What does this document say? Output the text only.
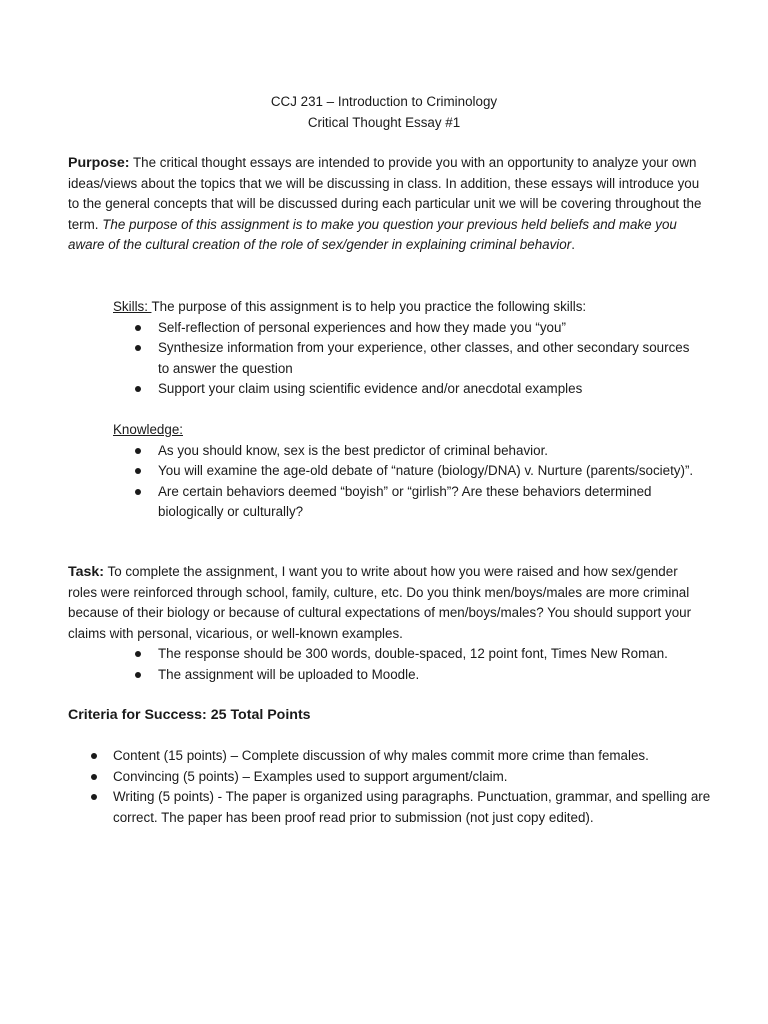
CCJ 231 – Introduction to Criminology
Critical Thought Essay #1
Purpose: The critical thought essays are intended to provide you with an opportunity to analyze your own ideas/views about the topics that we will be discussing in class. In addition, these essays will introduce you to the general concepts that will be discussed during each particular unit we will be covering throughout the term. The purpose of this assignment is to make you question your previous held beliefs and make you aware of the cultural creation of the role of sex/gender in explaining criminal behavior.
Skills: The purpose of this assignment is to help you practice the following skills:
Self-reflection of personal experiences and how they made you “you”
Synthesize information from your experience, other classes, and other secondary sources to answer the question
Support your claim using scientific evidence and/or anecdotal examples
Knowledge:
As you should know, sex is the best predictor of criminal behavior.
You will examine the age-old debate of “nature (biology/DNA) v. Nurture (parents/society)”.
Are certain behaviors deemed “boyish” or “girlish”? Are these behaviors determined biologically or culturally?
Task: To complete the assignment, I want you to write about how you were raised and how sex/gender roles were reinforced through school, family, culture, etc. Do you think men/boys/males are more criminal because of their biology or because of cultural expectations of men/boys/males? You should support your claims with personal, vicarious, or well-known examples.
The response should be 300 words, double-spaced, 12 point font, Times New Roman.
The assignment will be uploaded to Moodle.
Criteria for Success: 25 Total Points
Content (15 points) – Complete discussion of why males commit more crime than females.
Convincing (5 points) – Examples used to support argument/claim.
Writing (5 points) - The paper is organized using paragraphs. Punctuation, grammar, and spelling are correct. The paper has been proof read prior to submission (not just copy edited).
